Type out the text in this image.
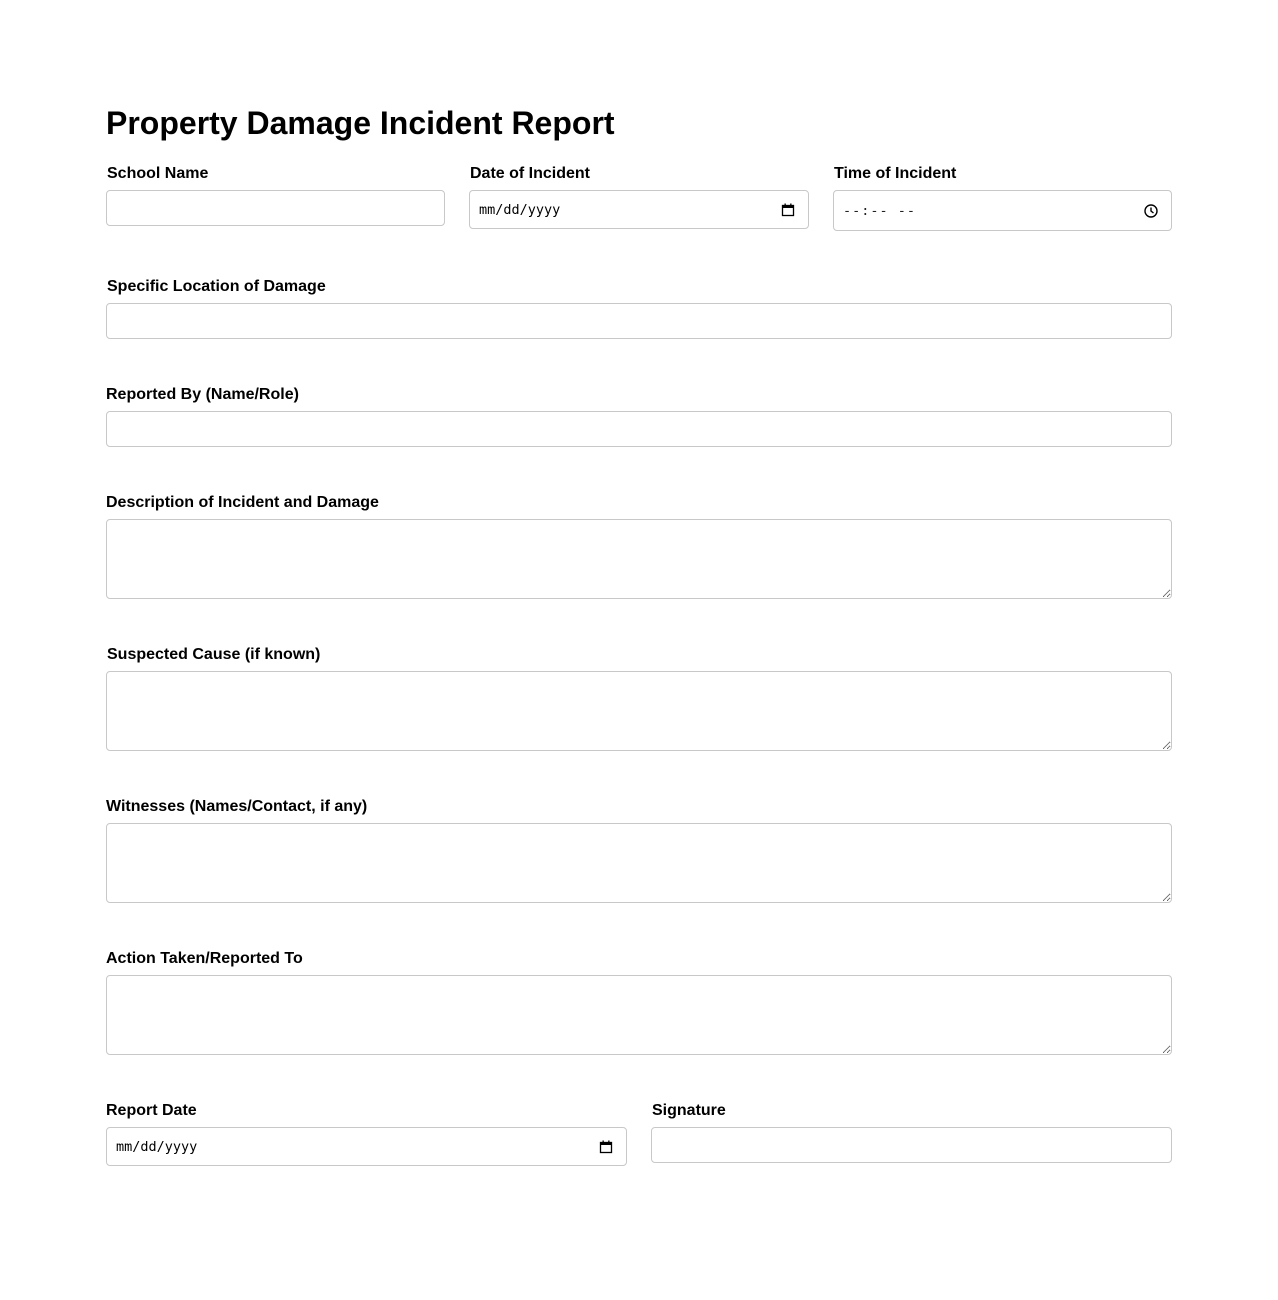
Property Damage Incident Report
School Name	Date of Incident
mm/dd/yyyy
Time of Incident
--:-- --
Specific Location of Damage
Reported By (Name/Role)
Description of Incident and Damage
Suspected Cause (if known)
Witnesses (Names/Contact, if any)
Action Taken/Reported To
Report Date
mm/dd/yyyy
Signature
